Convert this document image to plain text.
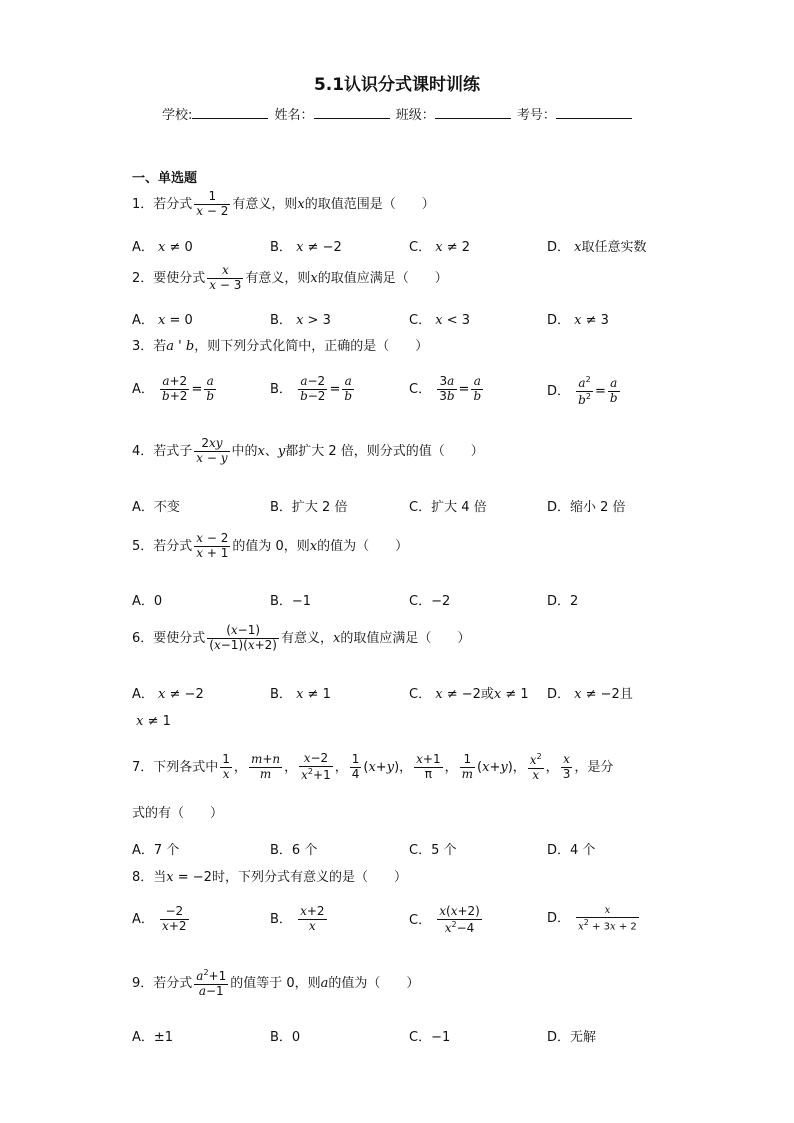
5.1认识分式课时训练
学校:	姓名：	班级：	考号：
一、单选题
1．若分式 $\frac{1}{x - 2}$ 有意义，则x的取值范围是（　　）
A． x ≠ 0	B． x ≠ −2	C． x ≠ 2	D． x取任意实数
2．要使分式 $\frac{x}{x - 3}$ 有意义，则x的取值应满足（　　）
A． x = 0	B． x > 3	C． x < 3	D． x ≠ 3
3．若a ' b，则下列分式化简中，正确的是（　　）
A． $\frac{a+2}{b+2} = \frac{a}{b}$	B． $\frac{a-2}{b-2} = \frac{a}{b}$	C． $\frac{3a}{3b} = \frac{a}{b}$	D． $\frac{a^2}{b^2} = \frac{a}{b}$
4．若式子 $\frac{2xy}{x - y}$ 中的x、y都扩大 2 倍，则分式的值（　　）
A．不变	B．扩大 2 倍	C．扩大 4 倍	D．缩小 2 倍
5．若分式 $\frac{x - 2}{x + 1}$ 的值为 0，则x的值为（　　）
A．0	B．−1	C．−2	D．2
6．要使分式 $\frac{(x-1)}{(x-1)(x+2)}$ 有意义，x的取值应满足（　　）
A． x ≠ −2	B． x ≠ 1	C． x ≠ −2或x ≠ 1 D． x ≠ −2且
x ≠ 1
7．下列各式中 $\frac{1}{x}$ ， $\frac{m+n}{m}$ ， $\frac{x-2}{x^2+1}$ ， $\frac{1}{4} (x+y)$， $\frac{x+1}{\pi}$ ， $\frac{1}{m} (x+y)$， $\frac{x^2}{x}$ ， $\frac{x}{3}$ ，是分
式的有（　　）
A．7 个	B．6 个	C．5 个	D．4 个
8．当x = −2时，下列分式有意义的是（　　）
A． $\frac{-2}{x+2}$	B． $\frac{x+2}{x}$	C． $\frac{x(x+2)}{x^2-4}$	D． $\frac{x}{x^2 + 3x + 2}$
9．若分式 $\frac{a^2+1}{a-1}$ 的值等于 0，则a的值为（　　）
A．±1	B．0	C．−1	D．无解
